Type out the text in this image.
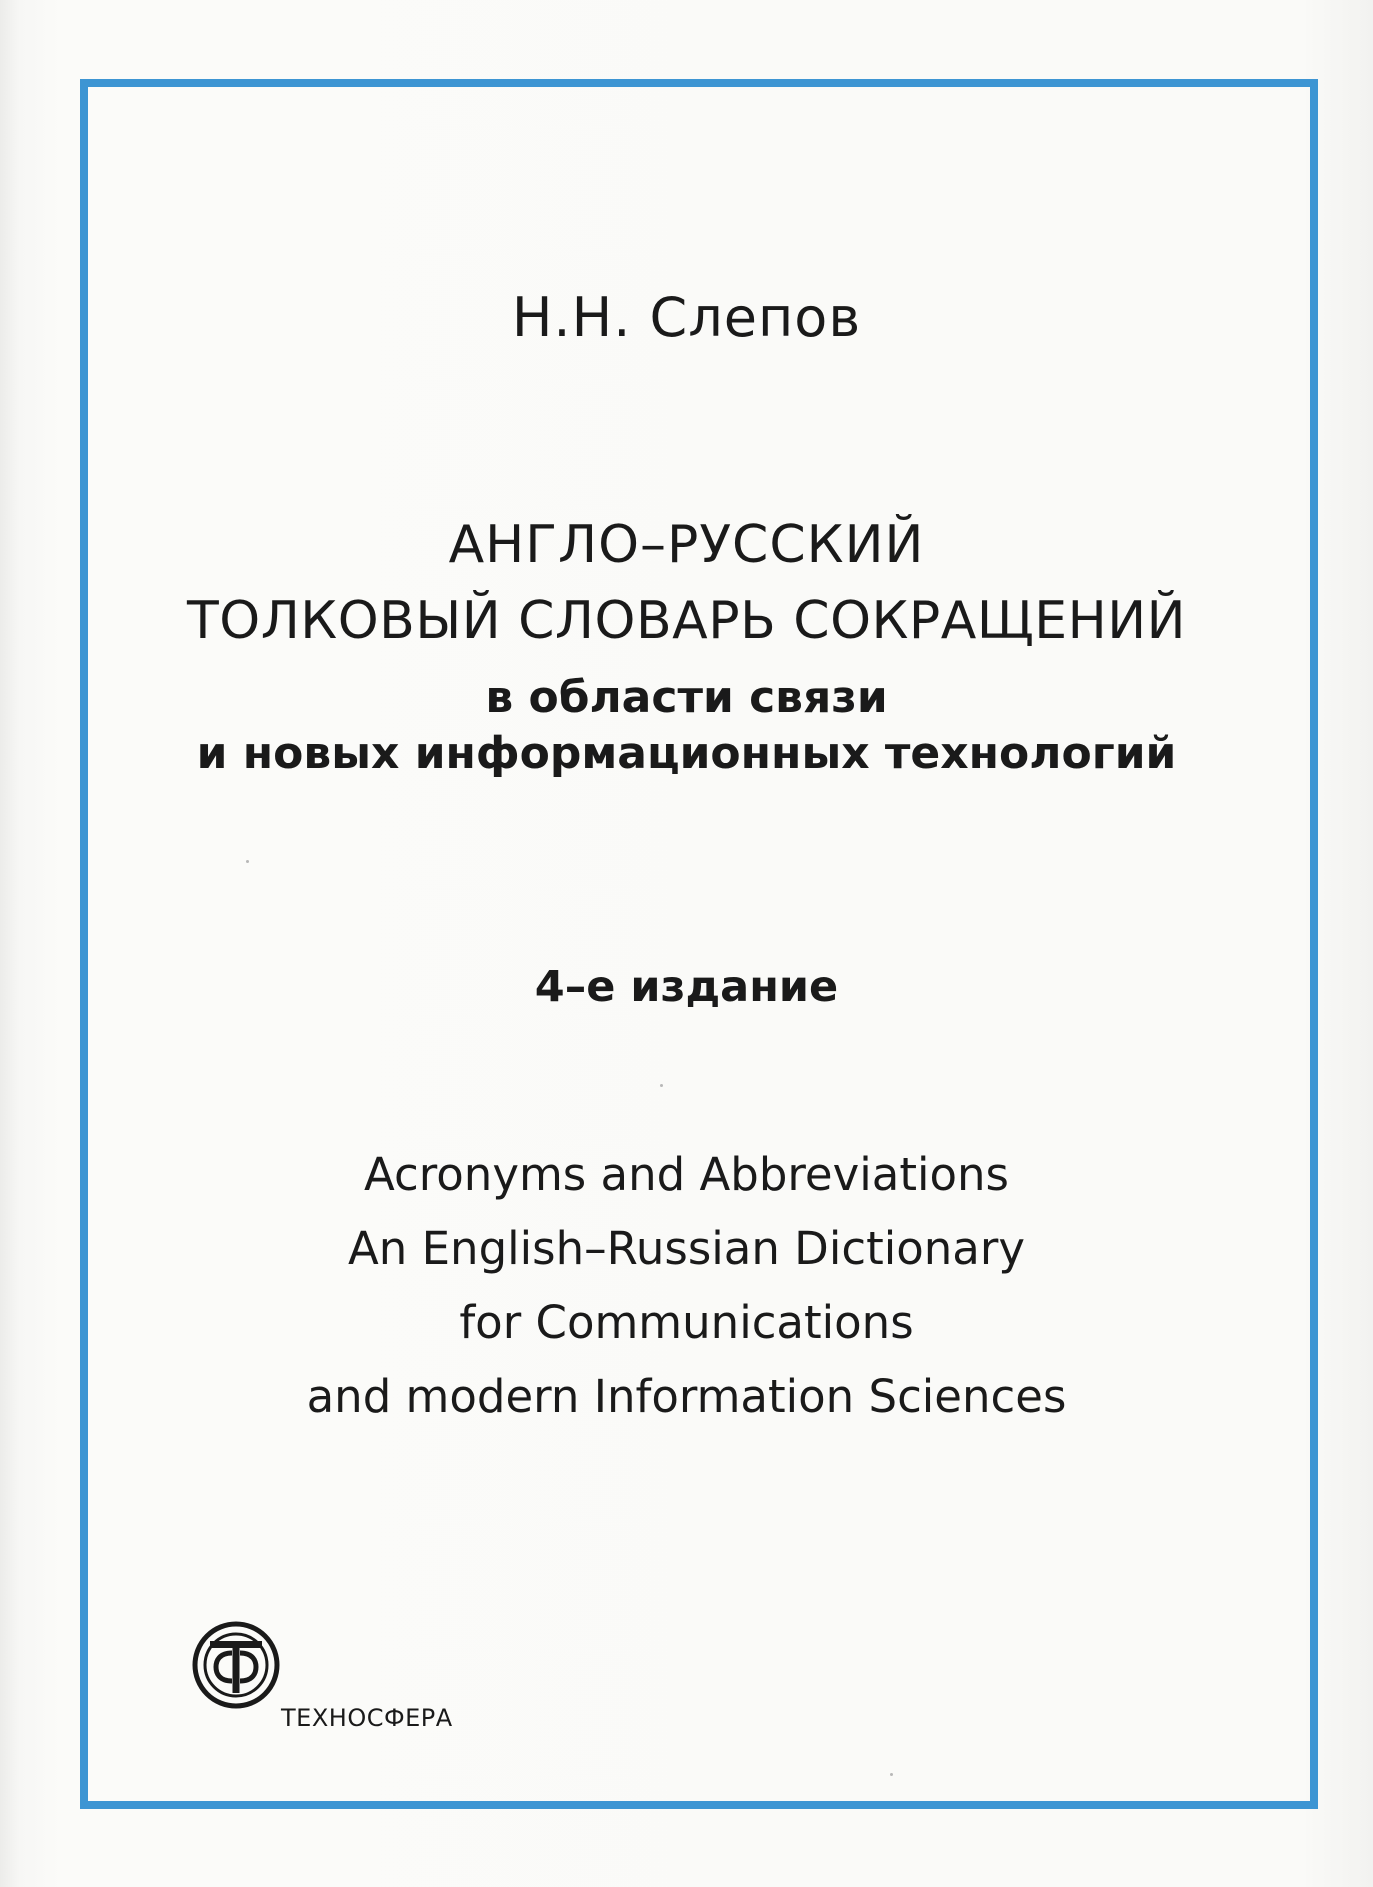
Н.Н. Слепов
АНГЛО–РУССКИЙ
ТОЛКОВЫЙ СЛОВАРЬ СОКРАЩЕНИЙ
в области связи
и новых информационных технологий
4–е издание
Acronyms and Abbreviations
An English–Russian Dictionary
for Communications
and modern Information Sciences
ТЕХНОСФЕРА
